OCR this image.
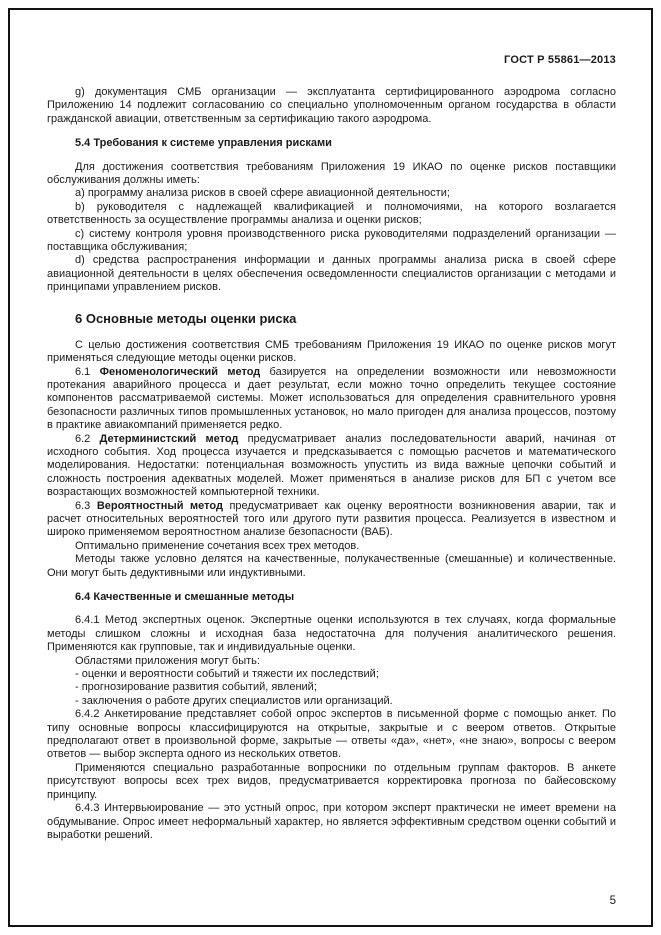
ГОСТ Р 55861—2013
g) документация СМБ организации — эксплуатанта сертифицированного аэродрома согласно Приложению 14 подлежит согласованию со специально уполномоченным органом государства в области гражданской авиации, ответственным за сертификацию такого аэродрома.
5.4 Требования к системе управления рисками
Для достижения соответствия требованиям Приложения 19 ИКАО по оценке рисков поставщики обслуживания должны иметь:
а) программу анализа рисков в своей сфере авиационной деятельности;
b) руководителя с надлежащей квалификацией и полномочиями, на которого возлагается ответственность за осуществление программы анализа и оценки рисков;
с) систему контроля уровня производственного риска руководителями подразделений организации — поставщика обслуживания;
d) средства распространения информации и данных программы анализа риска в своей сфере авиационной деятельности в целях обеспечения осведомленности специалистов организации с методами и принципами управлением рисков.
6 Основные методы оценки риска
С целью достижения соответствия СМБ требованиям Приложения 19 ИКАО по оценке рисков могут применяться следующие методы оценки рисков.
6.1 Феноменологический метод базируется на определении возможности или невозможности протекания аварийного процесса и дает результат, если можно точно определить текущее состояние компонентов рассматриваемой системы. Может использоваться для определения сравнительного уровня безопасности различных типов промышленных установок, но мало пригоден для анализа процессов, поэтому в практике авиакомпаний применяется редко.
6.2 Детерминистский метод предусматривает анализ последовательности аварий, начиная от исходного события. Ход процесса изучается и предсказывается с помощью расчетов и математического моделирования. Недостатки: потенциальная возможность упустить из вида важные цепочки событий и сложность построения адекватных моделей. Может применяться в анализе рисков для БП с учетом все возрастающих возможностей компьютерной техники.
6.3 Вероятностный метод предусматривает как оценку вероятности возникновения аварии, так и расчет относительных вероятностей того или другого пути развития процесса. Реализуется в известном и широко применяемом вероятностном анализе безопасности (ВАБ).
Оптимально применение сочетания всех трех методов.
Методы также условно делятся на качественные, полукачественные (смешанные) и количественные. Они могут быть дедуктивными или индуктивными.
6.4 Качественные и смешанные методы
6.4.1 Метод экспертных оценок. Экспертные оценки используются в тех случаях, когда формальные методы слишком сложны и исходная база недостаточна для получения аналитического решения. Применяются как групповые, так и индивидуальные оценки.
Областями приложения могут быть:
- оценки и вероятности событий и тяжести их последствий;
- прогнозирование развития событий, явлений;
- заключения о работе других специалистов или организаций.
6.4.2 Анкетирование представляет собой опрос экспертов в письменной форме с помощью анкет. По типу основные вопросы классифицируются на открытые, закрытые и с веером ответов. Открытые предполагают ответ в произвольной форме, закрытые — ответы «да», «нет», «не знаю», вопросы с веером ответов — выбор эксперта одного из нескольких ответов.
Применяются специально разработанные вопросники по отдельным группам факторов. В анкете присутствуют вопросы всех трех видов, предусматривается корректировка прогноза по байесовскому принципу.
6.4.3 Интервьюирование — это устный опрос, при котором эксперт практически не имеет времени на обдумывание. Опрос имеет неформальный характер, но является эффективным средством оценки событий и выработки решений.
5
